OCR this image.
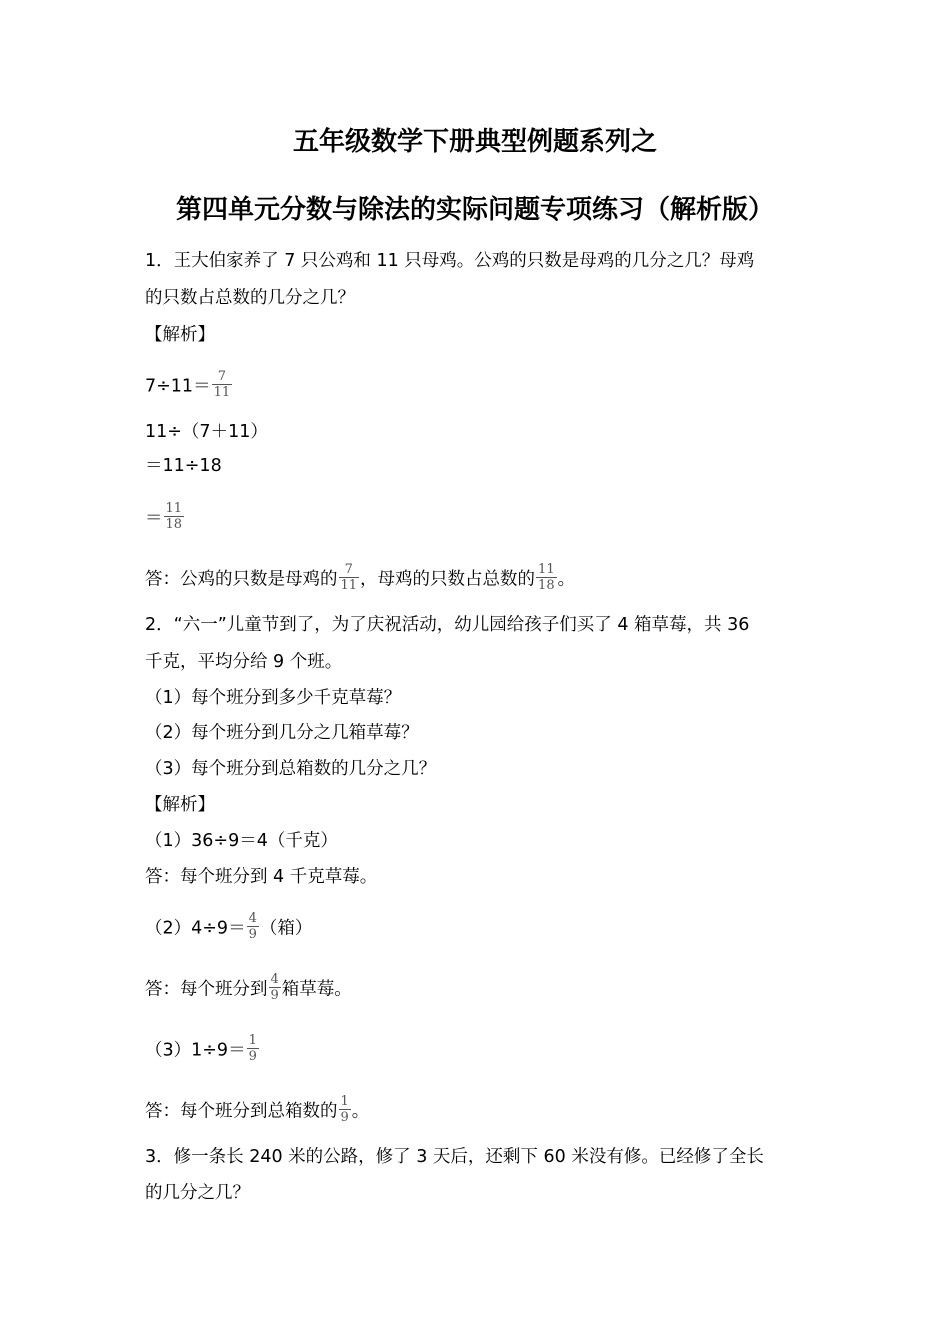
五年级数学下册典型例题系列之
第四单元分数与除法的实际问题专项练习（解析版）
1．王大伯家养了 7 只公鸡和 11 只母鸡。公鸡的只数是母鸡的几分之几？母鸡
的只数占总数的几分之几？
【解析】
$7\div 11= \frac{7}{11}$
11÷（7＋11）
＝11÷18
＝ $\frac{11}{18}$
答：公鸡的只数是母鸡的 $\frac{7}{11}$ ，母鸡的只数占总数的 $\frac{11}{18}$ 。
2．“六一”儿童节到了，为了庆祝活动，幼儿园给孩子们买了 4 箱草莓，共 36
千克，平均分给 9 个班。
（1）每个班分到多少千克草莓？
（2）每个班分到几分之几箱草莓？
（3）每个班分到总箱数的几分之几？
【解析】
（1）36÷9＝4（千克）
答：每个班分到 4 千克草莓。
$(2)4\div 9= \frac{4}{9}$ （箱）
答：每个班分到 $\frac{4}{9}$ 箱草莓。
$(3)1\div 9= \frac{1}{9}$
答：每个班分到总箱数的 $\frac{1}{9}$ 。
3．修一条长 240 米的公路，修了 3 天后，还剩下 60 米没有修。已经修了全长
的几分之几？
